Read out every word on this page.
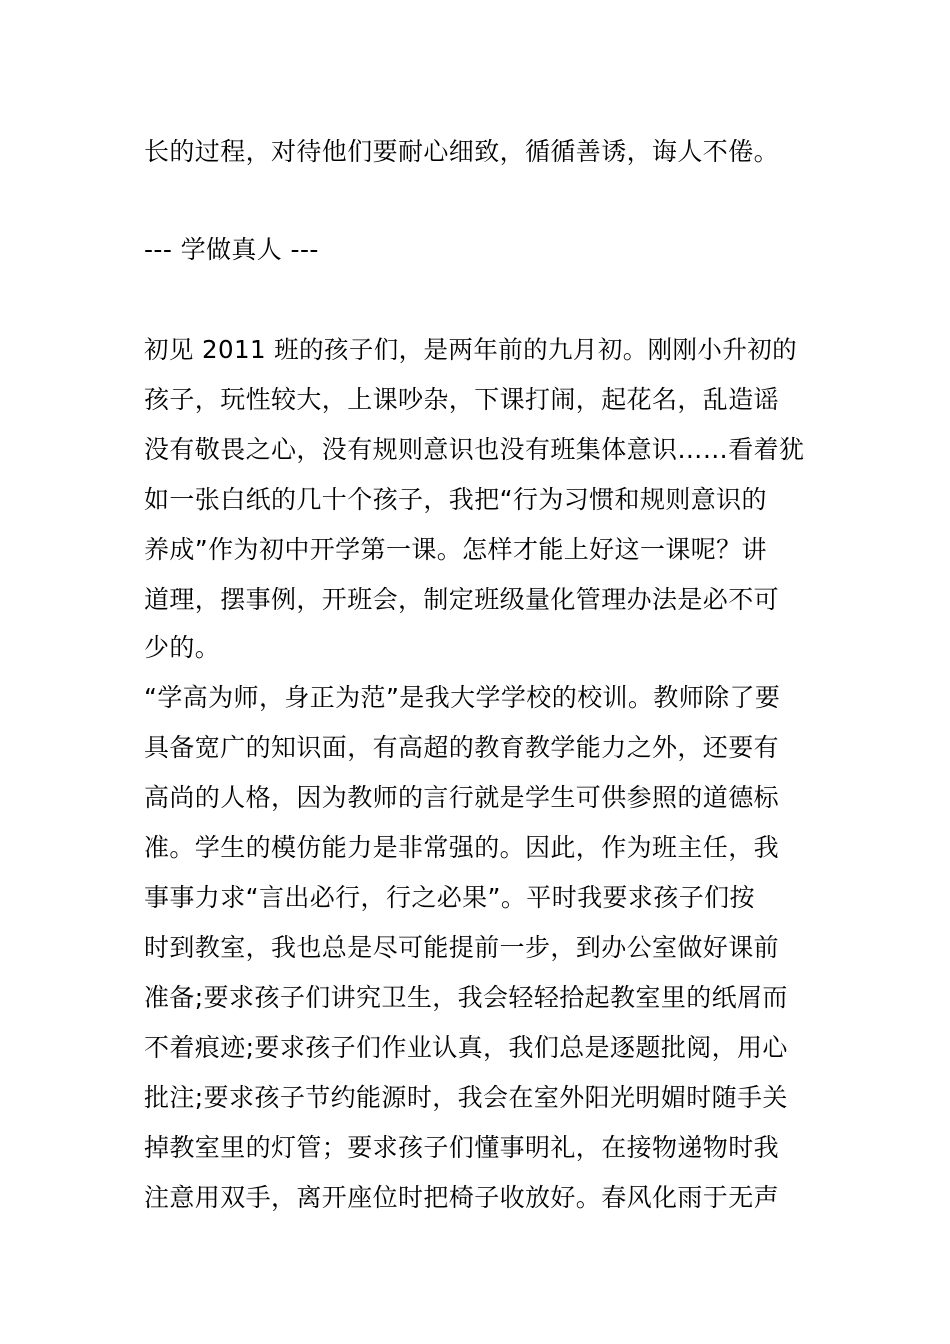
长的过程，对待他们要耐心细致，循循善诱，诲人不倦。
--- 学做真人 ---
初见 2011 班的孩子们，是两年前的九月初。刚刚小升初的
孩子，玩性较大，上课吵杂，下课打闹，起花名，乱造谣
没有敬畏之心，没有规则意识也没有班集体意识……看着犹
如一张白纸的几十个孩子，我把“行为习惯和规则意识的
养成”作为初中开学第一课。怎样才能上好这一课呢？讲
道理，摆事例，开班会，制定班级量化管理办法是必不可
少的。
“学高为师，身正为范”是我大学学校的校训。教师除了要
具备宽广的知识面，有高超的教育教学能力之外，还要有
高尚的人格，因为教师的言行就是学生可供参照的道德标
准。学生的模仿能力是非常强的。因此，作为班主任，我
事事力求“言出必行，行之必果”。平时我要求孩子们按
时到教室，我也总是尽可能提前一步，到办公室做好课前
准备;要求孩子们讲究卫生，我会轻轻拾起教室里的纸屑而
不着痕迹;要求孩子们作业认真，我们总是逐题批阅，用心
批注;要求孩子节约能源时，我会在室外阳光明媚时随手关
掉教室里的灯管；要求孩子们懂事明礼，在接物递物时我
注意用双手，离开座位时把椅子收放好。春风化雨于无声
